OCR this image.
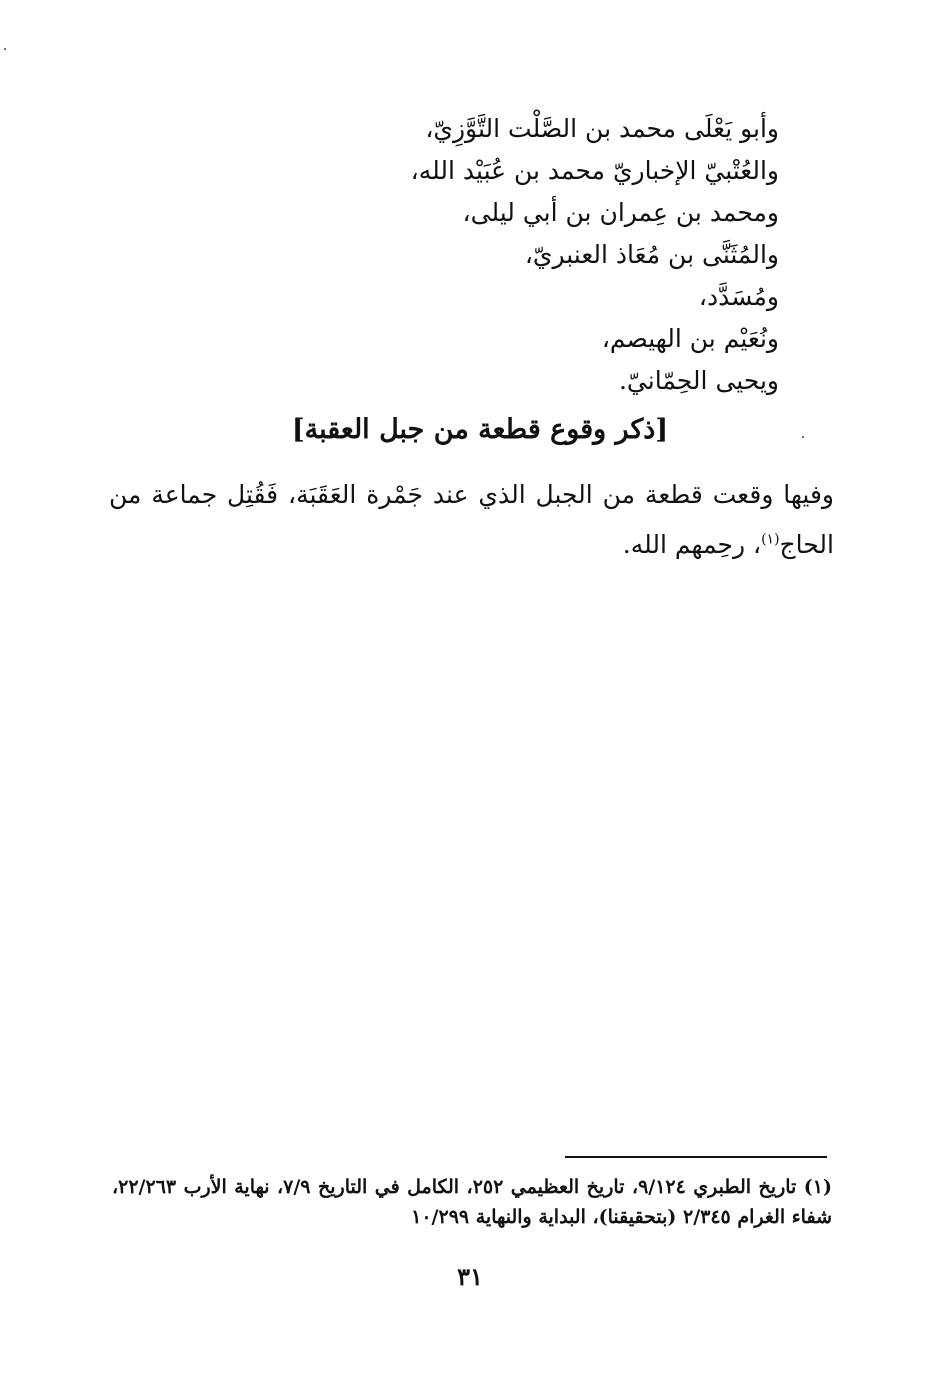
وأبو يَعْلَى محمد بن الصَّلْت التَّوَّزِيّ،
والعُتْبيّ الإخباريّ محمد بن عُبَيْد الله،
ومحمد بن عِمران بن أبي ليلى،
والمُثَنَّى بن مُعَاذ العنبريّ،
ومُسَدَّد،
ونُعَيْم بن الهيصم،
ويحيى الحِمّانيّ.
[ذكر وقوع قطعة من جبل العقبة]

وفيها وقعت قطعة من الجبل الذي عند جَمْرة العَقَبَة، فَقُتِل جماعة من الحاج$^{(١)}$، رحِمهم الله.

(١) تاريخ الطبري ٩/١٢٤، تاريخ العظيمي ٢٥٢، الكامل في التاريخ ٧/٩، نهاية الأرب ٢٢/٢٦٣، شفاء الغرام ٢/٣٤٥ (بتحقيقنا)، البداية والنهاية ١٠/٢٩٩

٣١
